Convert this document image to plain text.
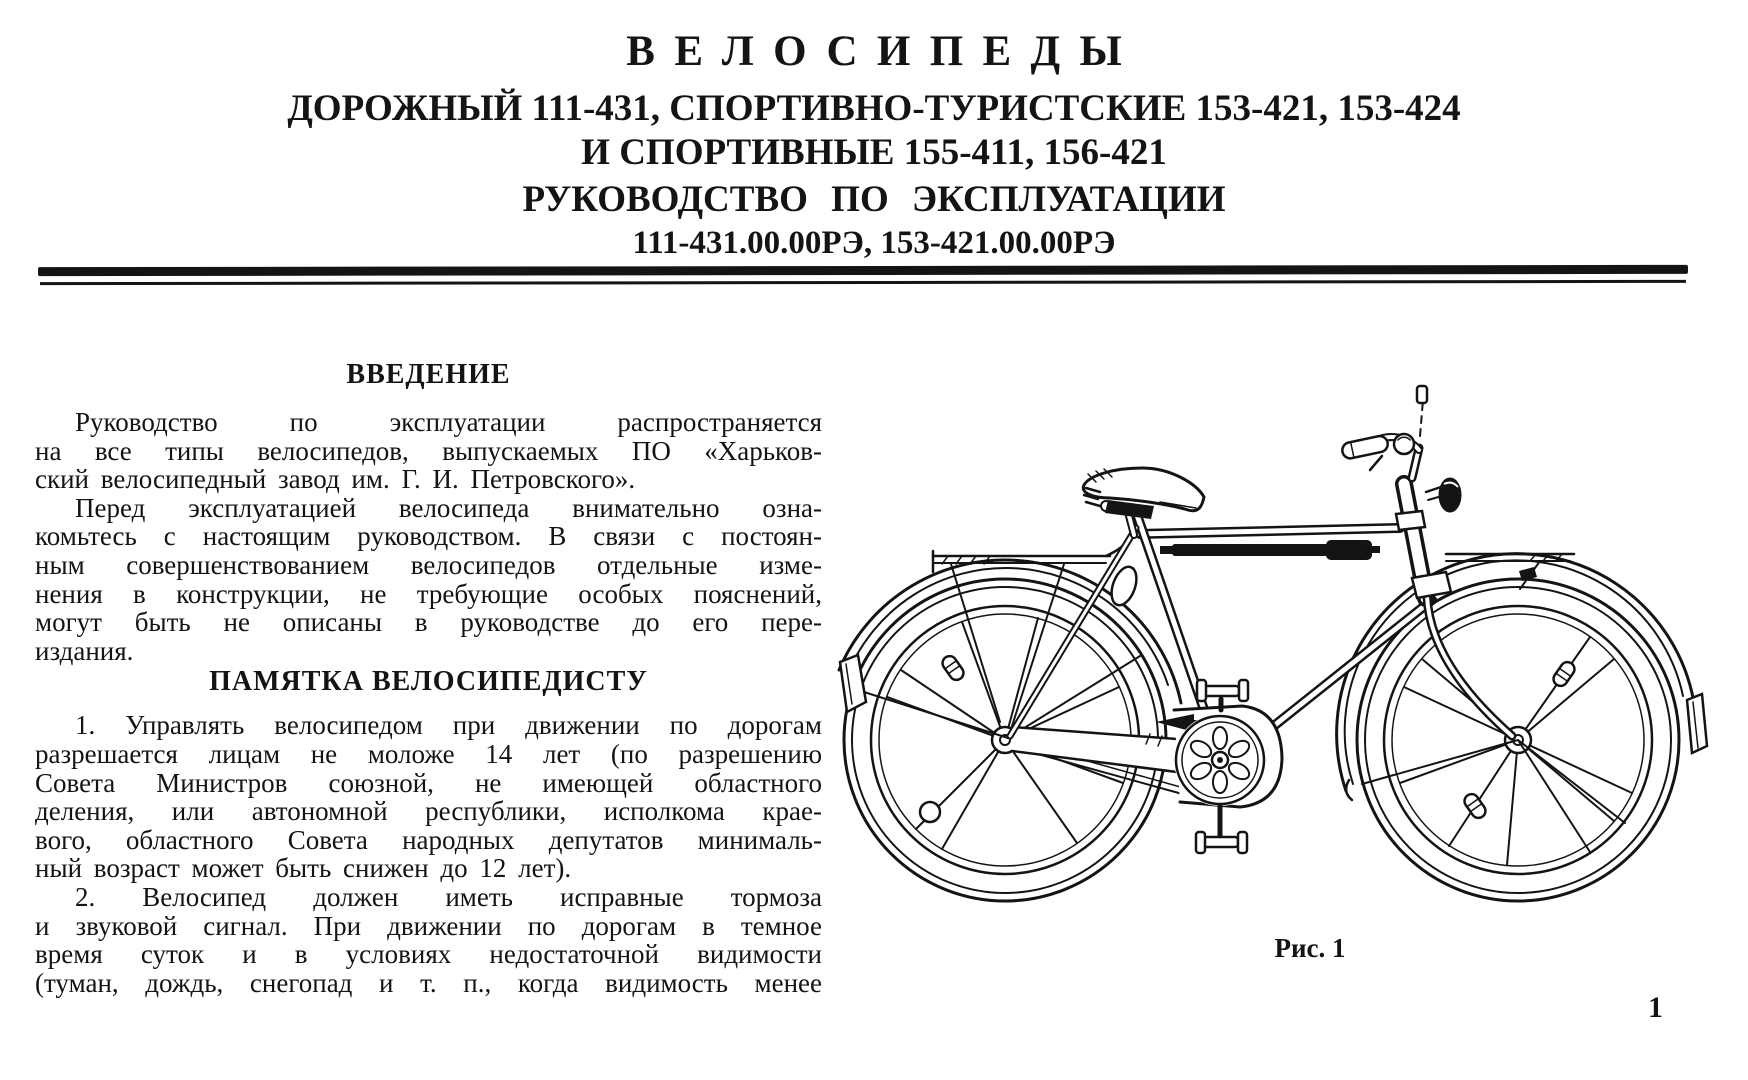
ВЕЛОСИПЕДЫ
ДОРОЖНЫЙ 111-431, СПОРТИВНО-ТУРИСТСКИЕ 153-421, 153-424
И СПОРТИВНЫЕ 155-411, 156-421
РУКОВОДСТВО ПО ЭКСПЛУАТАЦИИ
111-431.00.00РЭ, 153-421.00.00РЭ
ВВЕДЕНИЕ
Руководство по эксплуатации распространяется
на все типы велосипедов, выпускаемых ПО «Харьков-
ский велосипедный завод им. Г. И. Петровского».
Перед эксплуатацией велосипеда внимательно озна-
комьтесь с настоящим руководством. В связи с постоян-
ным совершенствованием велосипедов отдельные изме-
нения в конструкции, не требующие особых пояснений,
могут быть не описаны в руководстве до его пере-
издания.
ПАМЯТКА ВЕЛОСИПЕДИСТУ
1. Управлять велосипедом при движении по дорогам
разрешается лицам не моложе 14 лет (по разрешению
Совета Министров союзной, не имеющей областного
деления, или автономной республики, исполкома крае-
вого, областного Совета народных депутатов минималь-
ный возраст может быть снижен до 12 лет).
2. Велосипед должен иметь исправные тормоза
и звуковой сигнал. При движении по дорогам в темное
время суток и в условиях недостаточной видимости
(туман, дождь, снегопад и т. п., когда видимость менее
Рис. 1
1
